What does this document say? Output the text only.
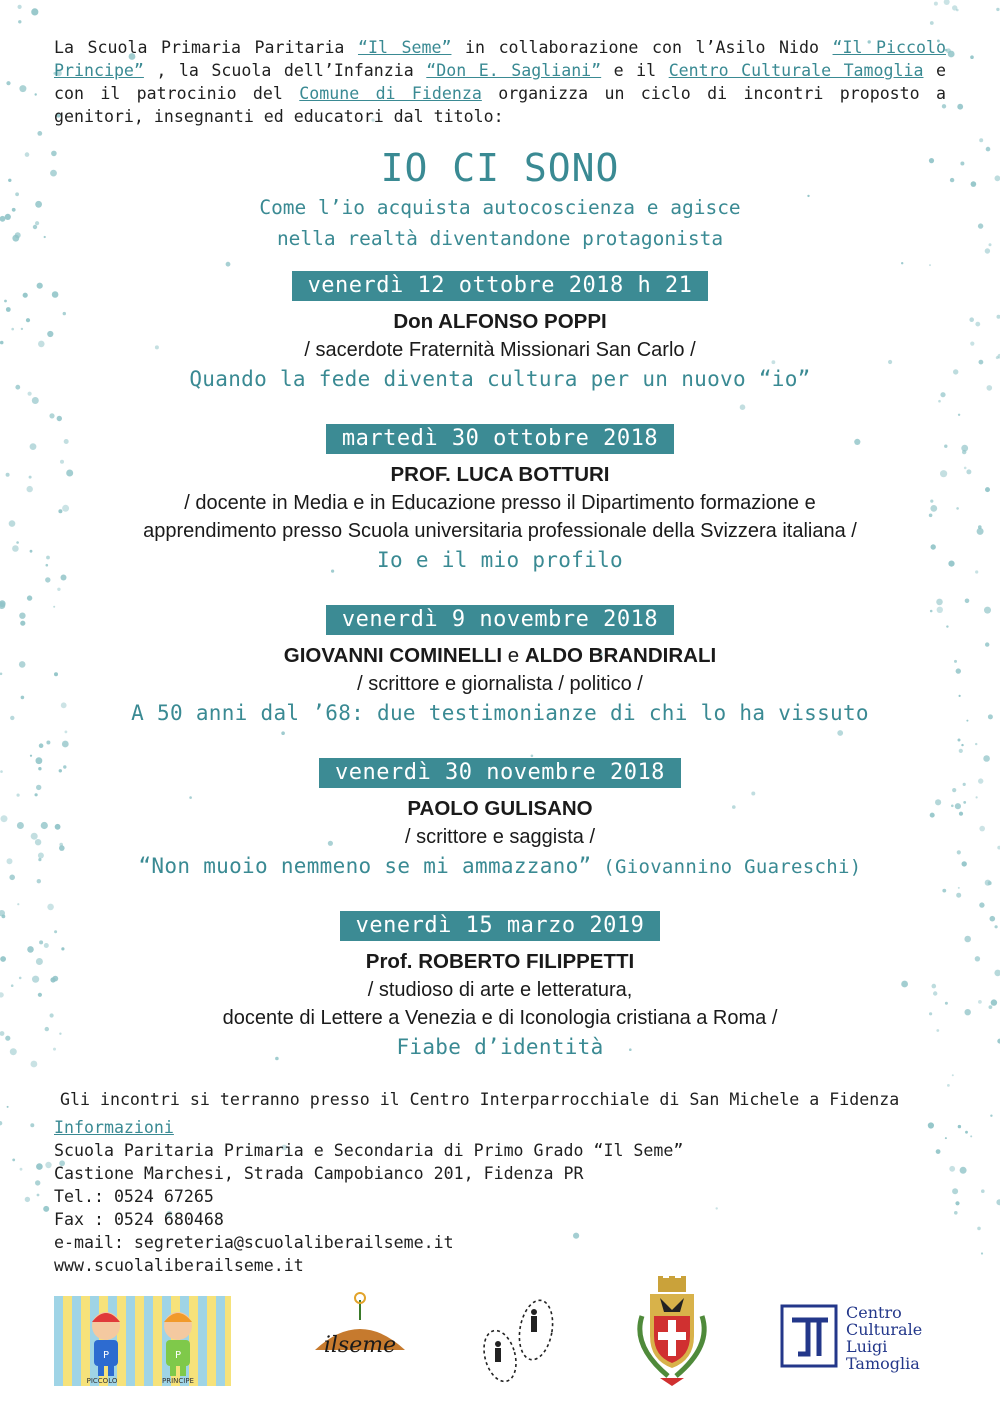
La Scuola Primaria Paritaria “Il Seme” in collaborazione con l’Asilo Nido “Il Piccolo Principe” , la Scuola dell’Infanzia “Don E. Sagliani” e il Centro Culturale Tamoglia e con il patrocinio del Comune di Fidenza organizza un ciclo di incontri proposto a genitori, insegnanti ed educatori dal titolo:
IO CI SONO
Come l’io acquista autocoscienza e agisce
nella realtà diventandone protagonista
venerdì 12 ottobre 2018 h 21
Don ALFONSO POPPI
/ sacerdote Fraternità Missionari San Carlo /
Quando la fede diventa cultura per un nuovo “io”
martedì 30 ottobre 2018
PROF. LUCA BOTTURI
/ docente in Media e in Educazione presso il Dipartimento formazione e
apprendimento presso Scuola universitaria professionale della Svizzera italiana /
Io e il mio profilo
venerdì 9 novembre 2018
GIOVANNI COMINELLI e ALDO BRANDIRALI
/ scrittore e giornalista / politico /
A 50 anni dal ’68: due testimonianze di chi lo ha vissuto
venerdì 30 novembre 2018
PAOLO GULISANO
/ scrittore e saggista /
“Non muoio nemmeno se mi ammazzano” (Giovannino Guareschi)
venerdì 15 marzo 2019
Prof. ROBERTO FILIPPETTI
/ studioso di arte e letteratura,
docente di Lettere a Venezia e di Iconologia cristiana a Roma /
Fiabe d’identità
Gli incontri si terranno presso il Centro Interparrocchiale di San Michele a Fidenza
Informazioni
Scuola Paritaria Primaria e Secondaria di Primo Grado “Il Seme”
Castione Marchesi, Strada Campobianco 201, Fidenza PR
Tel.: 0524 67265
Fax : 0524 680468
e-mail: segreteria@scuolaliberailseme.it
www.scuolaliberailseme.it
P	P
PICCOLO	PRINCIPE
ilseme
Centro
Culturale
Luigi
Tamoglia
